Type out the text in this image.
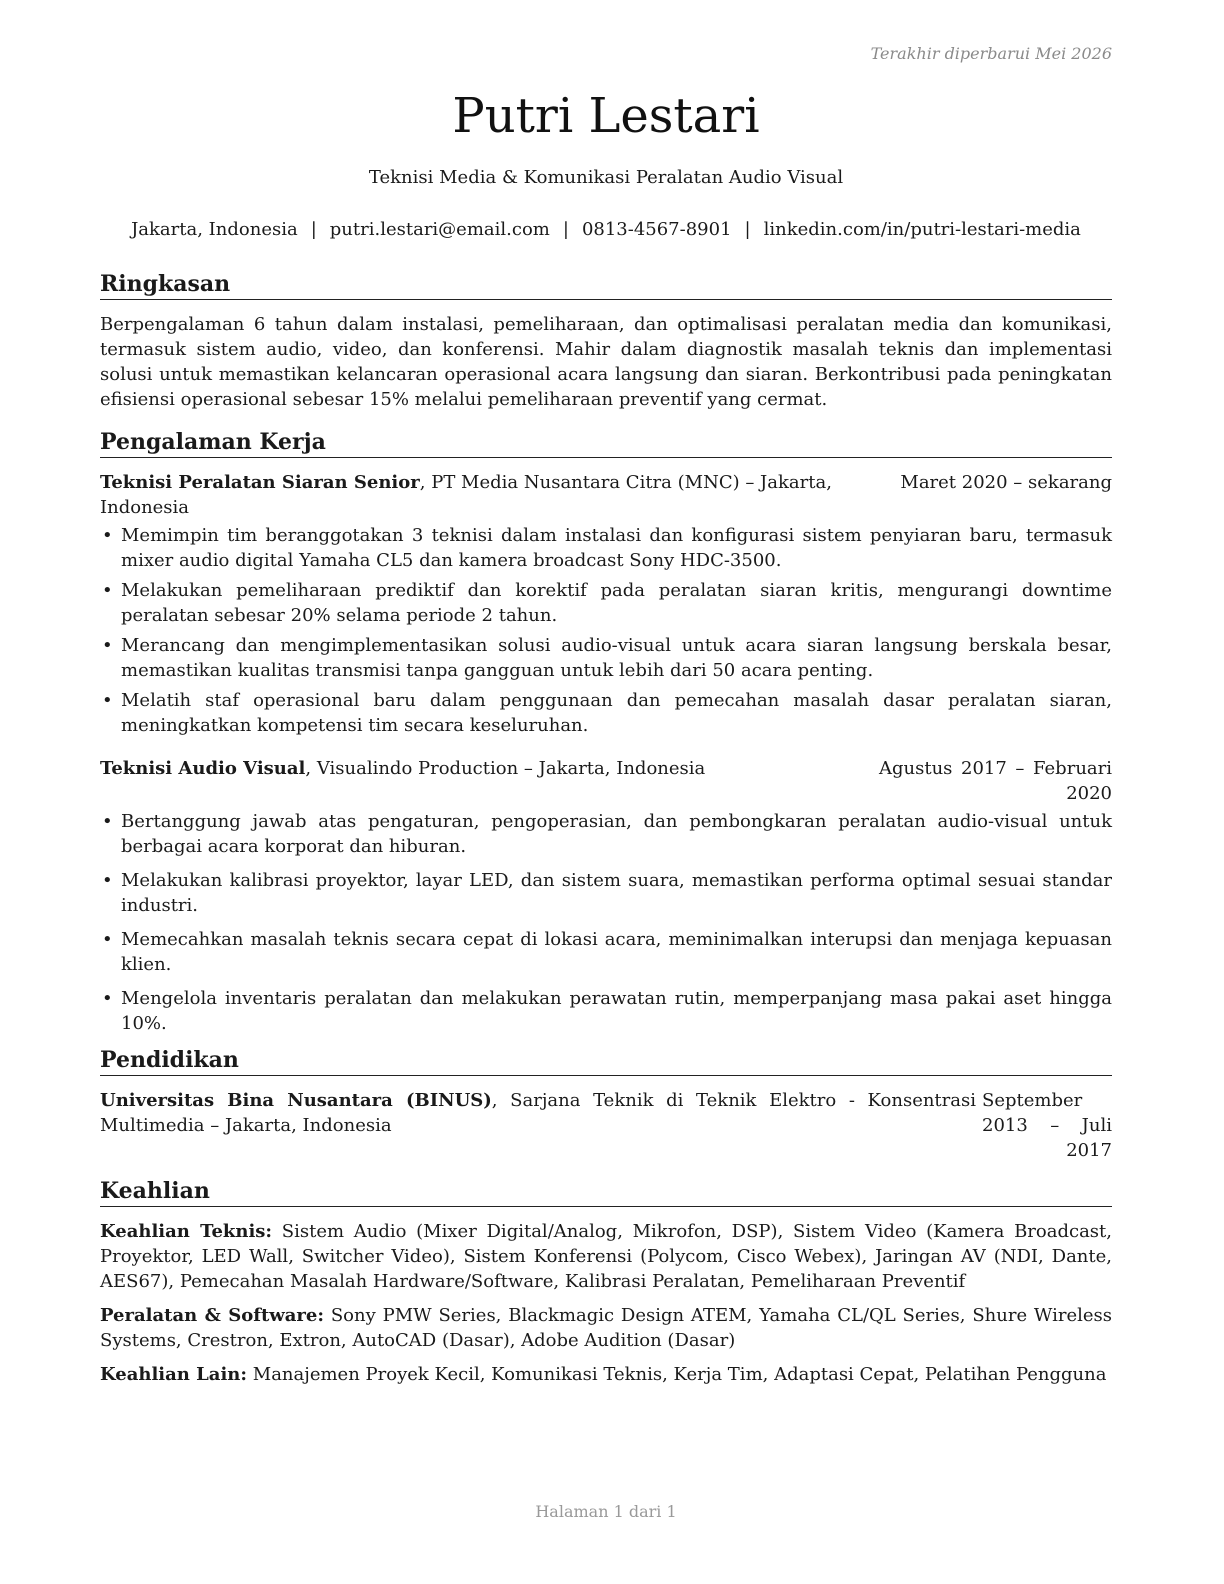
Terakhir diperbarui Mei 2026
Putri Lestari
Teknisi Media & Komunikasi Peralatan Audio Visual
Jakarta, Indonesia | putri.lestari@email.com | 0813-4567-8901 | linkedin.com/in/putri-lestari-media
Ringkasan
Berpengalaman 6 tahun dalam instalasi, pemeliharaan, dan optimalisasi peralatan media dan komunikasi, termasuk sistem audio, video, dan konferensi. Mahir dalam diagnostik masalah teknis dan implementasi solusi untuk memastikan kelancaran operasional acara langsung dan siaran. Berkontribusi pada peningkatan efisiensi operasional sebesar 15% melalui pemeliharaan preventif yang cermat.
Pengalaman Kerja
Teknisi Peralatan Siaran Senior, PT Media Nusantara Citra (MNC) – Jakarta, Indonesia
Maret 2020 – sekarang
• Memimpin tim beranggotakan 3 teknisi dalam instalasi dan konfigurasi sistem penyiaran baru, termasuk mixer audio digital Yamaha CL5 dan kamera broadcast Sony HDC-3500.
• Melakukan pemeliharaan prediktif dan korektif pada peralatan siaran kritis, mengurangi downtime peralatan sebesar 20% selama periode 2 tahun.
• Merancang dan mengimplementasikan solusi audio-visual untuk acara siaran langsung berskala besar, memastikan kualitas transmisi tanpa gangguan untuk lebih dari 50 acara penting.
• Melatih staf operasional baru dalam penggunaan dan pemecahan masalah dasar peralatan siaran, meningkatkan kompetensi tim secara keseluruhan.
Teknisi Audio Visual, Visualindo Production – Jakarta, Indonesia	Agustus 2017 – Februari 2020
• Bertanggung jawab atas pengaturan, pengoperasian, dan pembongkaran peralatan audio-visual untuk berbagai acara korporat dan hiburan.
• Melakukan kalibrasi proyektor, layar LED, dan sistem suara, memastikan performa optimal sesuai standar industri.
• Memecahkan masalah teknis secara cepat di lokasi acara, meminimalkan interupsi dan menjaga kepuasan klien.
• Mengelola inventaris peralatan dan melakukan perawatan rutin, memperpanjang masa pakai aset hingga 10%.
Pendidikan
Universitas Bina Nusantara (BINUS), Sarjana Teknik di Teknik Elektro - Konsentrasi Multimedia – Jakarta, Indonesia
September 2013 – Juli 2017
Keahlian
Keahlian Teknis: Sistem Audio (Mixer Digital/Analog, Mikrofon, DSP), Sistem Video (Kamera Broadcast, Proyektor, LED Wall, Switcher Video), Sistem Konferensi (Polycom, Cisco Webex), Jaringan AV (NDI, Dante, AES67), Pemecahan Masalah Hardware/Software, Kalibrasi Peralatan, Pemeliharaan Preventif
Peralatan & Software: Sony PMW Series, Blackmagic Design ATEM, Yamaha CL/QL Series, Shure Wireless Systems, Crestron, Extron, AutoCAD (Dasar), Adobe Audition (Dasar)
Keahlian Lain: Manajemen Proyek Kecil, Komunikasi Teknis, Kerja Tim, Adaptasi Cepat, Pelatihan Pengguna
Halaman 1 dari 1
